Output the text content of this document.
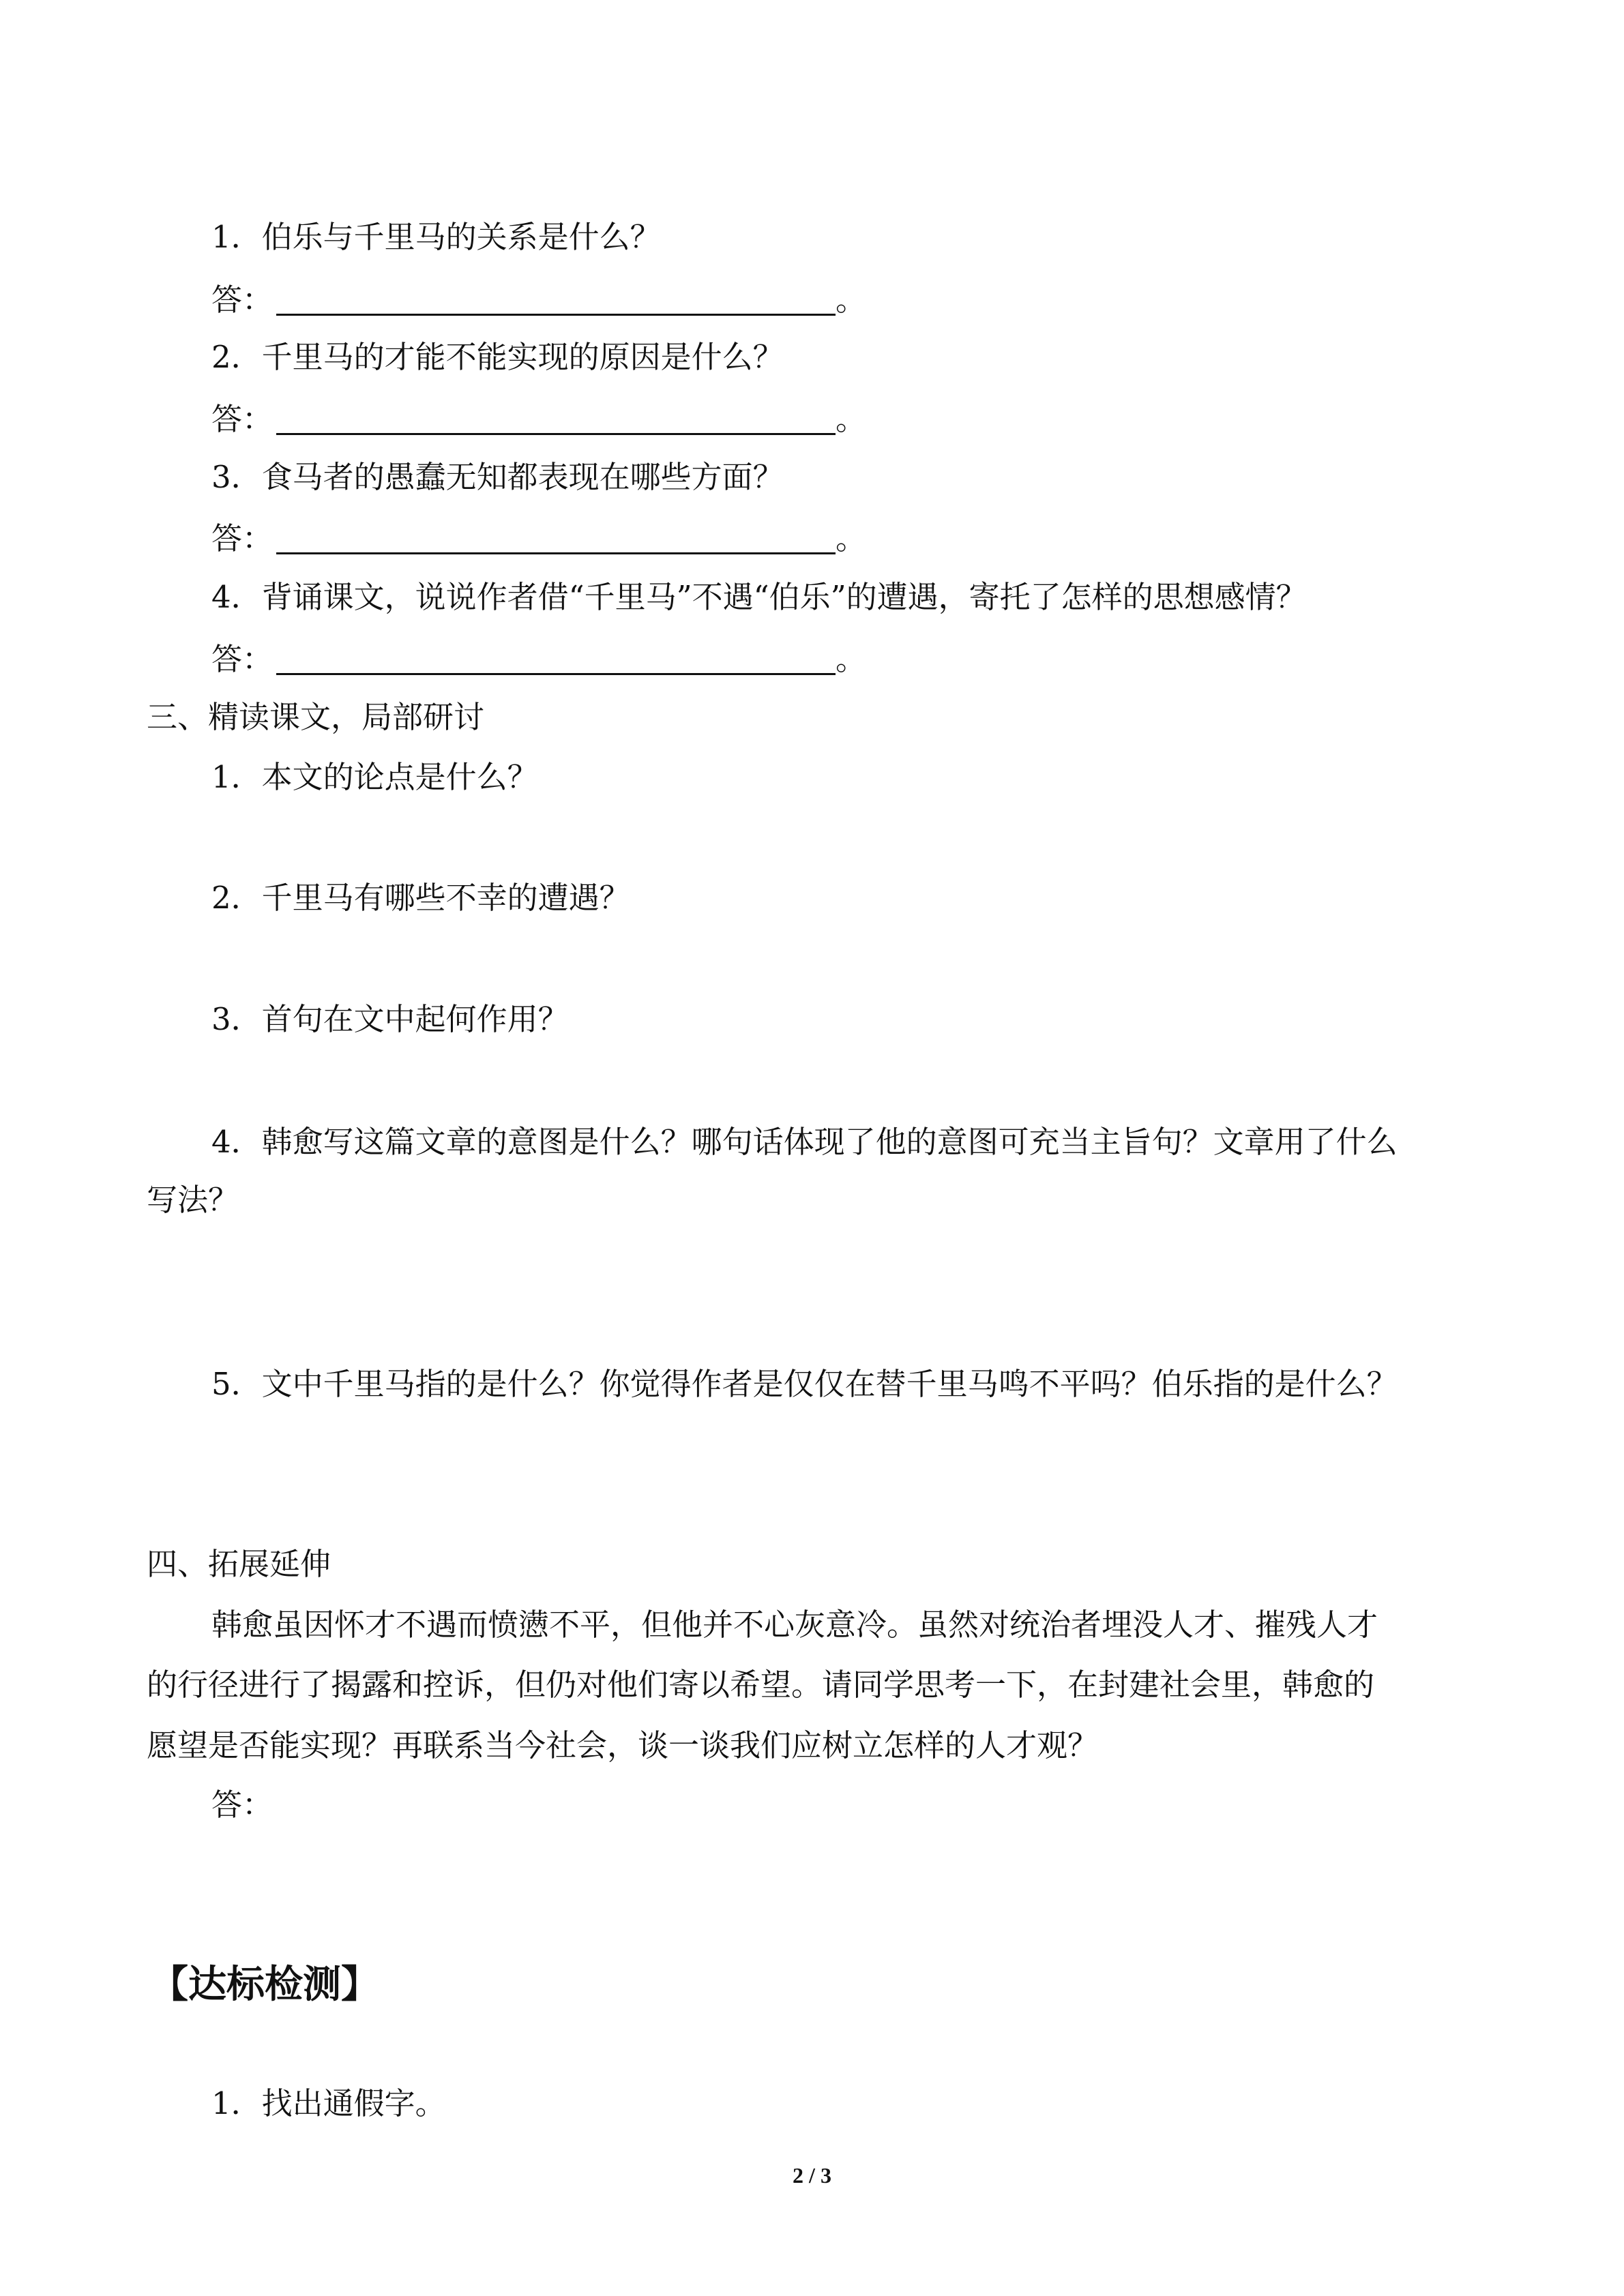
1．伯乐与千里马的关系是什么？
答：	。
2．千里马的才能不能实现的原因是什么？
答：	。
3．食马者的愚蠢无知都表现在哪些方面？
答：	。
4．背诵课文，说说作者借“千里马”不遇“伯乐”的遭遇，寄托了怎样的思想感情？
答：	。
三、精读课文，局部研讨
1．本文的论点是什么？
2．千里马有哪些不幸的遭遇？
3．首句在文中起何作用？
4．韩愈写这篇文章的意图是什么？哪句话体现了他的意图可充当主旨句？文章用了什么
写法？
5．文中千里马指的是什么？你觉得作者是仅仅在替千里马鸣不平吗？伯乐指的是什么？
四、拓展延伸
韩愈虽因怀才不遇而愤懑不平，但他并不心灰意冷。虽然对统治者埋没人才、摧残人才
的行径进行了揭露和控诉，但仍对他们寄以希望。请同学思考一下，在封建社会里，韩愈的
愿望是否能实现？再联系当今社会，谈一谈我们应树立怎样的人才观？
答：
【达标检测】
1．找出通假字。
2 / 3
